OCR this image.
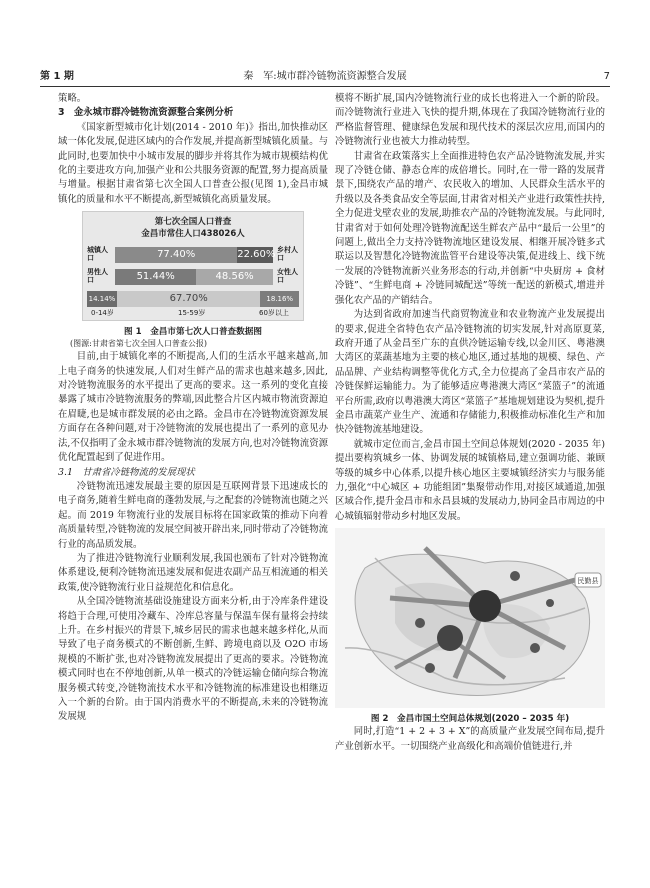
第 1 期	秦　军:城市群冷链物流资源整合发展	7

策略。

3　金永城市群冷链物流资源整合案例分析

《国家新型城市化计划(2014 - 2010 年)》指出,加快推动区域一体化发展,促进区域内的合作发展,并提高新型城镇化质量。与此同时,也要加快中小城市发展的脚步并将其作为城市规模结构优化的主要进攻方向,加强产业和公共服务资源的配置,努力提高质量与增量。根据甘肃省第七次全国人口普查公报(见图 1),金昌市城镇化的质量和水平不断提高,新型城镇化高质量发展。

第七次全国人口普查
金昌市常住人口438026人
城镇人口	77.40%	22.60% 乡村人口
男性人口	51.44%	48.56%	女性人口
14.14%	67.70%	18.16%
0-14岁	15-59岁	60岁以上

图 1　金昌市第七次人口普查数据图

(图源:甘肃省第七次全国人口普查公报)

目前,由于城镇化率的不断提高,人们的生活水平越来越高,加上电子商务的快速发展,人们对生鲜产品的需求也越来越多,因此,对冷链物流服务的水平提出了更高的要求。这一系列的变化直接暴露了城市冷链物流服务的弊端,因此整合片区内城市物流资源迫在眉睫,也是城市群发展的必由之路。金昌市在冷链物流资源发展方面存在各种问题,对于冷链物流的发展也提出了一系列的意见办法,不仅指明了金永城市群冷链物流的发展方向,也对冷链物流资源优化配置起到了促进作用。

3.1　甘肃省冷链物流的发展现状

冷链物流迅速发展最主要的原因是互联网背景下迅速成长的电子商务,随着生鲜电商的蓬勃发展,与之配套的冷链物流也随之兴起。而 2019 年物流行业的发展目标将在国家政策的推动下向着高质量转型,冷链物流的发展空间被开辟出来,同时带动了冷链物流行业的高品质发展。

为了推进冷链物流行业顺利发展,我国也颁布了针对冷链物流体系建设,便利冷链物流迅速发展和促进农副产品互相流通的相关政策,使冷链物流行业日益规范化和信息化。

从全国冷链物流基础设施建设方面来分析,由于冷库条件建设将趋于合理,可使用冷藏车、冷库总容量与保温车保有量将会持续上升。在乡村振兴的背景下,城乡居民的需求也越来越多样化,从而导致了电子商务模式的不断创新,生鲜、跨境电商以及 O2O 市场规模的不断扩张,也对冷链物流发展提出了更高的要求。冷链物流模式同时也在不停地创新,从单一模式的冷链运输仓储向综合物流服务模式转变,冷链物流技术水平和冷链物流的标准建设也相继迈入一个新的台阶。由于国内消费水平的不断提高,未来的冷链物流发展规

模将不断扩展,国内冷链物流行业的成长也将进入一个新的阶段。而冷链物流行业进入飞快的提升期,体现在了我国冷链物流行业的严格监督管理、健康绿色发展和现代技术的深层次应用,而国内的冷链物流行业也被大力推动转型。

甘肃省在政策落实上全面推进特色农产品冷链物流发展,并实现了冷链仓储、静态仓库的成倍增长。同时,在一带一路的发展背景下,围绕农产品的增产、农民收入的增加、人民群众生活水平的升级以及各类食品安全等层面,甘肃省对相关产业进行政策性扶持,全力促进戈壁农业的发展,助推农产品的冷链物流发展。与此同时,甘肃省对于如何处理冷链物流配送生鲜农产品中“最后一公里”的问题上,做出全力支持冷链物流地区建设发展、相继开展冷链多式联运以及智慧化冷链物流监管平台建设等决策,促进线上、线下统一发展的冷链物流新兴业务形态的行动,并创新“中央厨房 + 食材冷链”、“生鲜电商 + 冷链同城配送”等统一配送的新模式,增进并强化农产品的产销结合。

为达到省政府加速当代商贸物流业和农业物流产业发展提出的要求,促进全省特色农产品冷链物流的切实发展,针对高原夏菜,政府开通了从金昌至广东的直供冷链运输专线,以金川区、粤港澳大湾区的菜蔬基地为主要的核心地区,通过基地的规模、绿色、产品品牌、产业结构调整等优化方式,全力位提高了金昌市农产品的冷链保鲜运输能力。为了能够适应粤港澳大湾区“菜篮子”的流通平台所需,政府以粤港澳大湾区“菜篮子”基地规划建设为契机,提升金昌市蔬菜产业生产、流通和存储能力,积极推动标准化生产和加快冷链物流基地建设。

就城市定位而言,金昌市国土空间总体规划(2020 - 2035 年)提出要构筑城乡一体、协调发展的城镇格局,建立强调功能、兼顾等级的城乡中心体系,以提升核心地区主要城镇经济实力与服务能力,强化“中心城区 + 功能组团”集聚带动作用,对接区域通道,加强区域合作,提升金昌市和永昌县城的发展动力,协同金昌市周边的中心城镇辐射带动乡村地区发展。

民勤县

图 2　金昌市国土空间总体规划(2020 – 2035 年)

同时,打造“1 + 2 + 3 + X”的高质量产业发展空间布局,提升产业创新水平。一切围绕产业高级化和高端价值链进行,并
